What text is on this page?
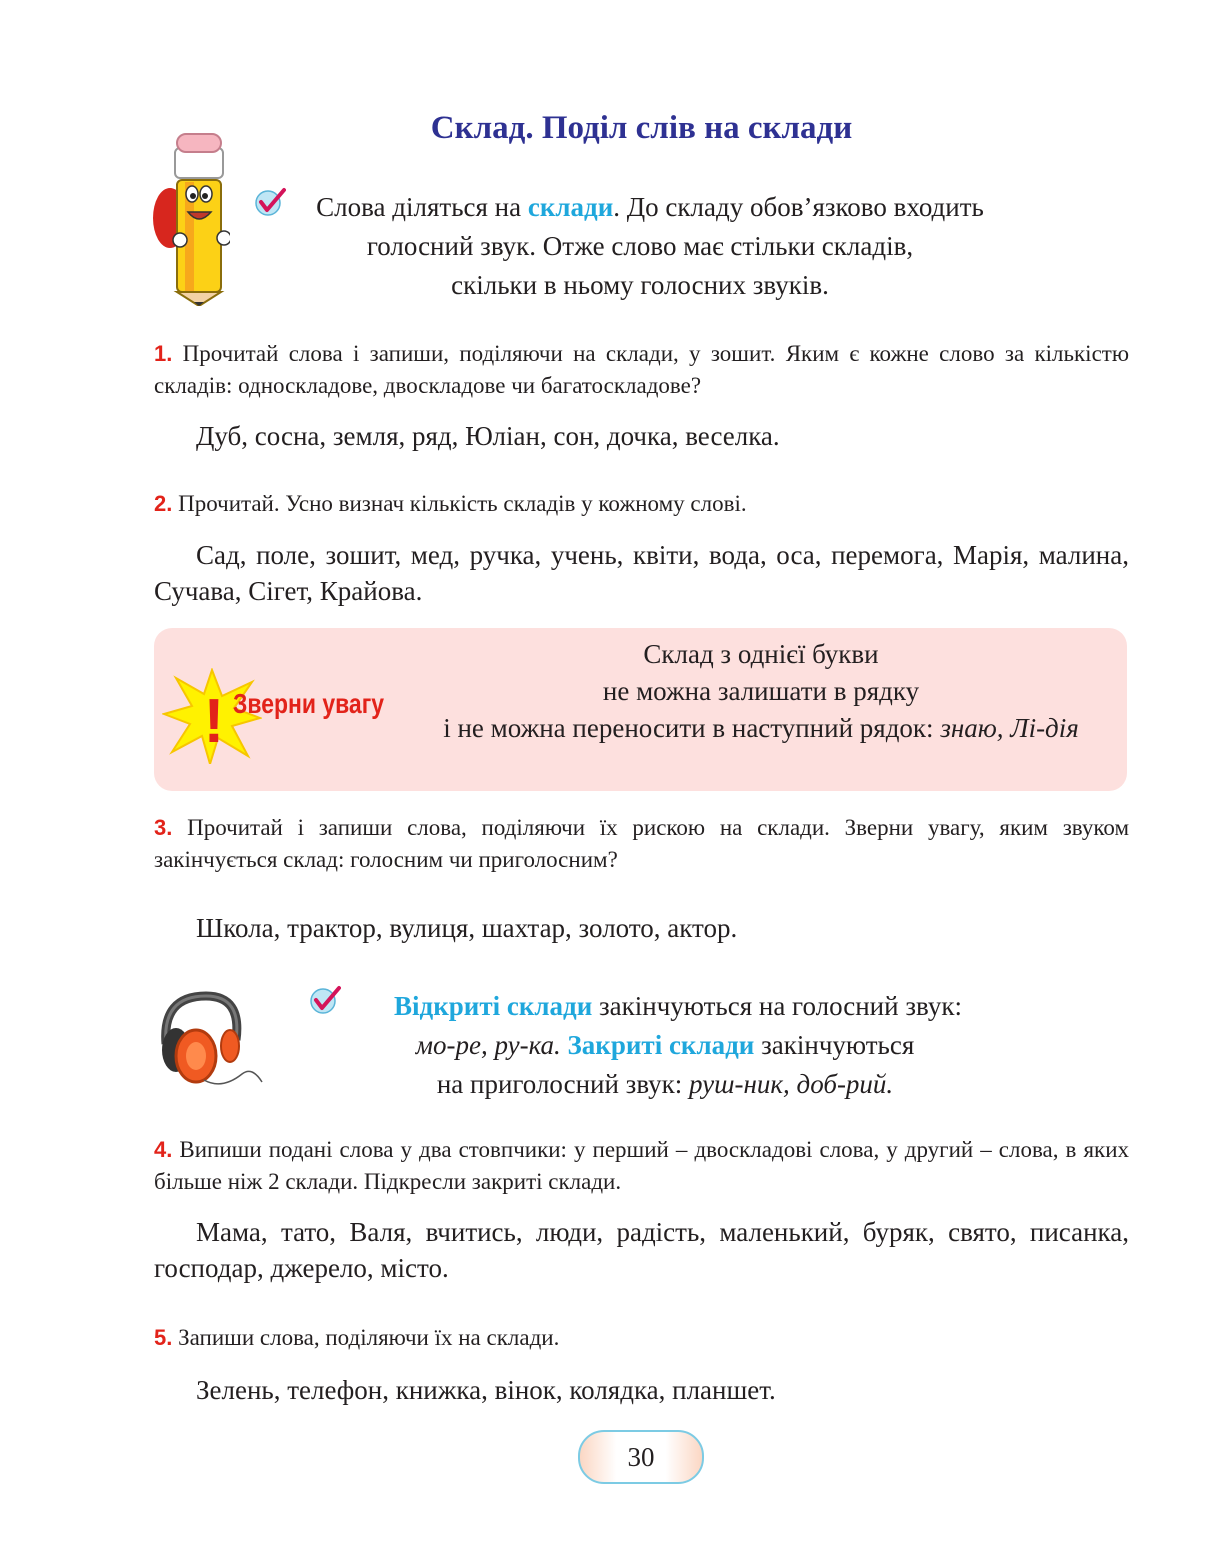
Склад. Поділ слів на склади
Слова діляться на склади. До складу обов’язково входить
голосний звук. Отже слово має стільки складів,
скільки в ньому голосних звуків.
1. Прочитай слова і запиши, поділяючи на склади, у зошит. Яким є кожне слово за кількістю складів: односкладове, двоскладове чи багатоскладове?
Дуб, сосна, земля, ряд, Юліан, сон, дочка, веселка.
2. Прочитай. Усно визнач кількість складів у кожному слові.
Сад, поле, зошит, мед, ручка, учень, квіти, вода, оса, перемога, Марія, малина, Сучава, Сігет, Крайова.
! Зверни увагу
Склад з однієї букви
не можна залишати в рядку
і не можна переносити в наступний рядок: знаю, Лі-дія
3. Прочитай і запиши слова, поділяючи їх рискою на склади. Зверни увагу, яким звуком закінчується склад: голосним чи приголосним?
Школа, трактор, вулиця, шахтар, золото, актор.
Відкриті склади закінчуються на голосний звук:
мо-ре, ру-ка. Закриті склади закінчуються
на приголосний звук: руш-ник, доб-рий.
4. Випиши подані слова у два стовпчики: у перший – двоскладові слова, у другий – слова, в яких більше ніж 2 склади. Підкресли закриті склади.
Мама, тато, Валя, вчитись, люди, радість, маленький, буряк, свято, писанка, господар, джерело, місто.
5. Запиши слова, поділяючи їх на склади.
Зелень, телефон, книжка, вінок, колядка, планшет.
30
